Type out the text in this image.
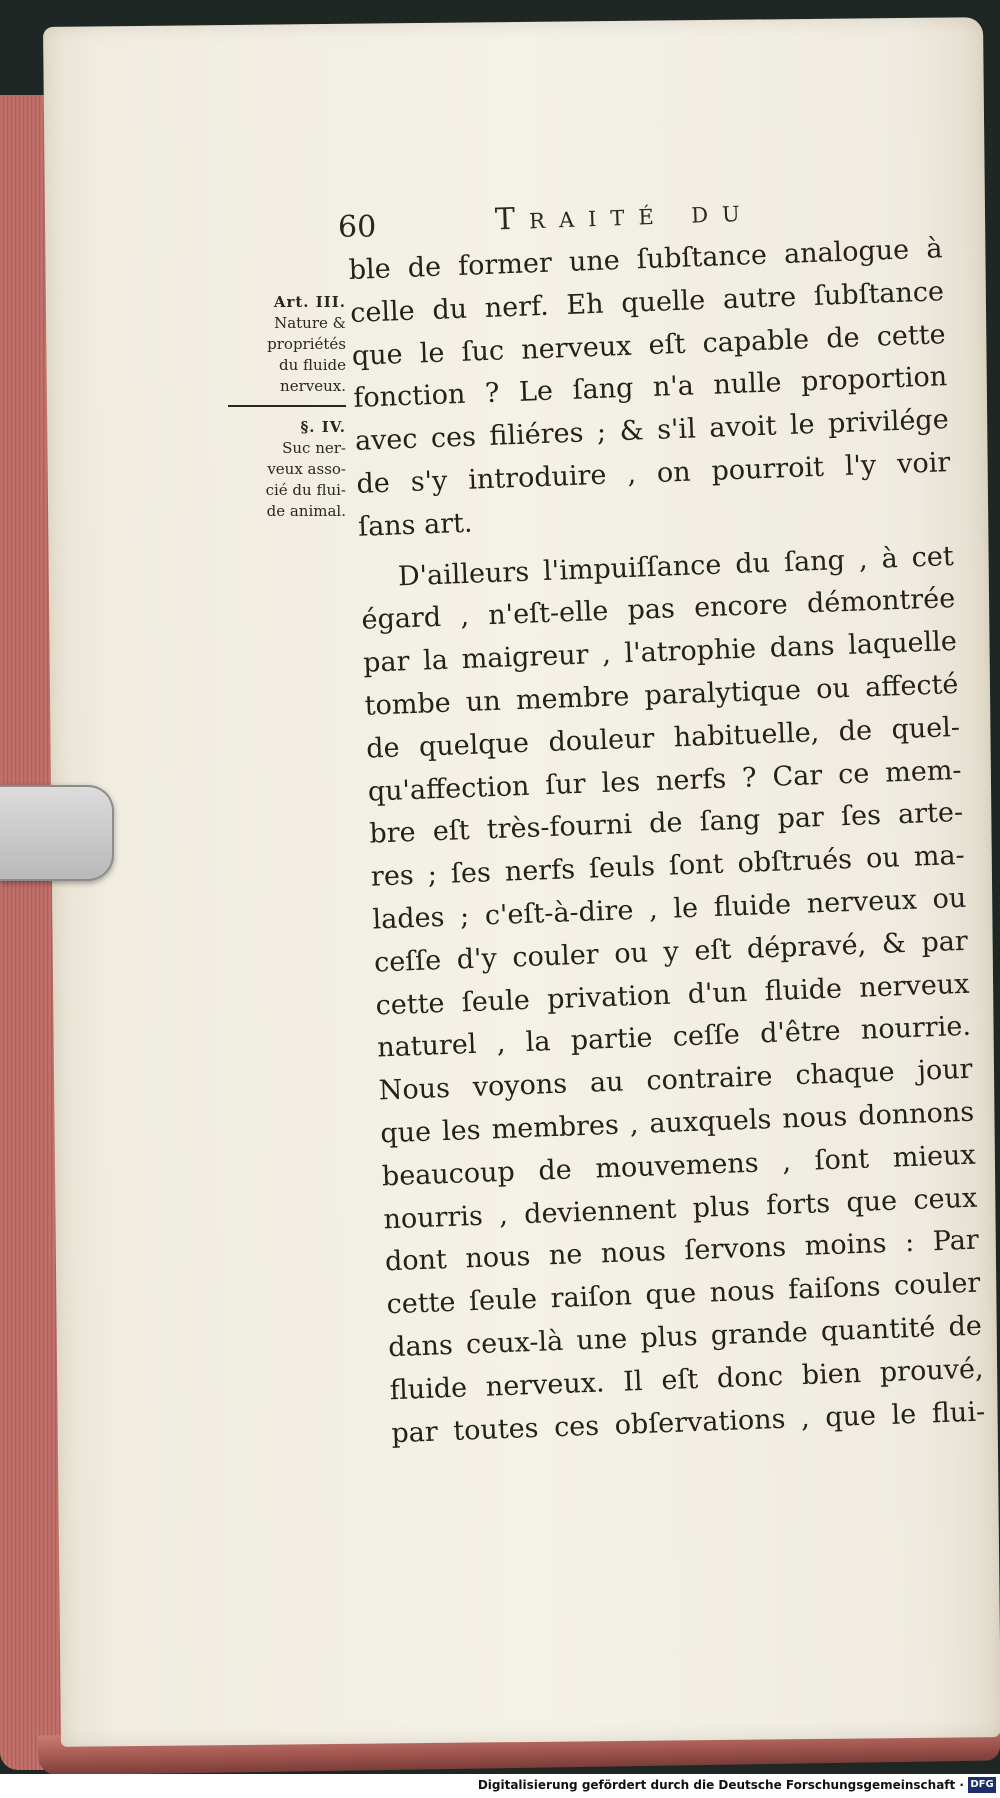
60	Traité du
Art. III.
Nature &
propriétés
du fluide
nerveux.
§. IV.
Suc ner-
veux asso-
cié du flui-
de animal.
ble de former une ſubſtance analogue à
celle du nerf. Eh quelle autre ſubſtance
que le ſuc nerveux eſt capable de cette
fonction ? Le ſang n'a nulle proportion
avec ces filiéres ; & s'il avoit le privilége
de s'y introduire , on pourroit l'y voir
ſans art.
D'ailleurs l'impuiſſance du ſang , à cet
égard , n'eſt-elle pas encore démontrée
par la maigreur , l'atrophie dans laquelle
tombe un membre paralytique ou affecté
de quelque douleur habituelle, de quel-
qu'affection ſur les nerfs ? Car ce mem-
bre eſt très-fourni de ſang par ſes arte-
res ; ſes nerfs ſeuls ſont obſtrués ou ma-
lades ; c'eſt-à-dire , le fluide nerveux ou
ceſſe d'y couler ou y eſt dépravé, & par
cette ſeule privation d'un fluide nerveux
naturel , la partie ceſſe d'être nourrie.
Nous voyons au contraire chaque jour
que les membres , auxquels nous donnons
beaucoup de mouvemens , ſont mieux
nourris , deviennent plus forts que ceux
dont nous ne nous ſervons moins : Par
cette ſeule raiſon que nous faiſons couler
dans ceux-là une plus grande quantité de
fluide nerveux. Il eſt donc bien prouvé,
par toutes ces obſervations , que le flui-
Digitalisierung gefördert durch die Deutsche Forschungsgemeinschaft · DFG
